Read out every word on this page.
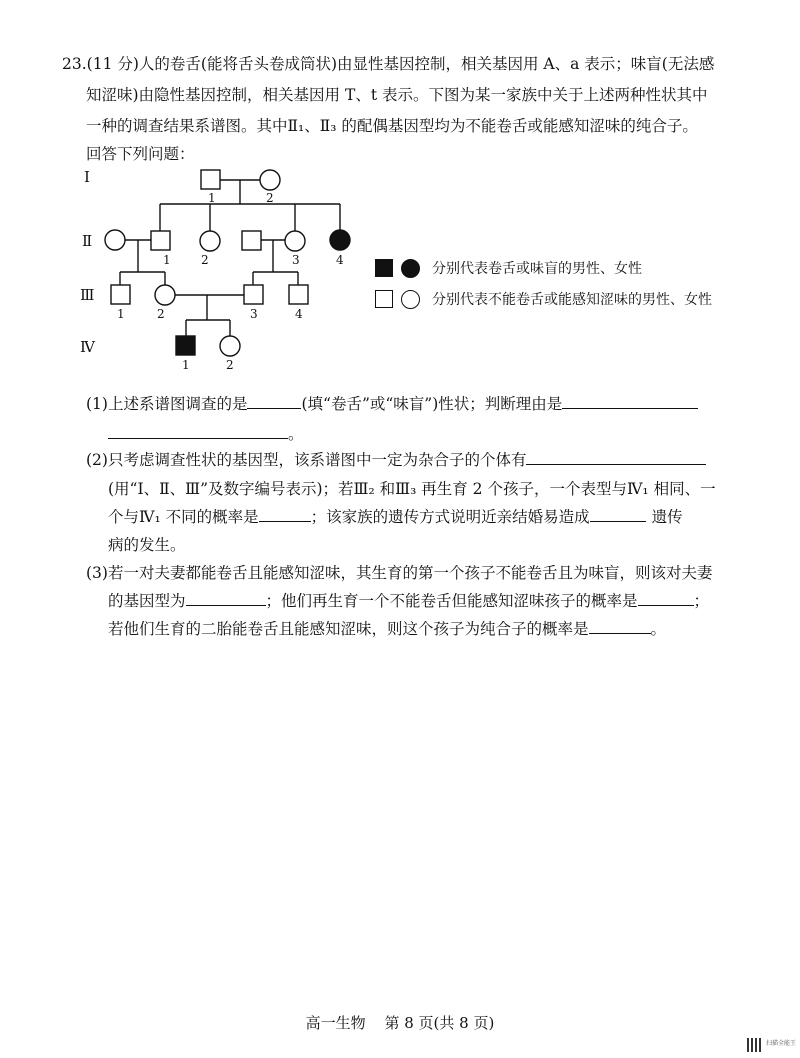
23.(11 分)人的卷舌(能将舌头卷成筒状)由显性基因控制，相关基因用 A、a 表示；味盲(无法感
知涩味)由隐性基因控制，相关基因用 T、t 表示。下图为某一家族中关于上述两种性状其中
一种的调查结果系谱图。其中Ⅱ₁、Ⅱ₃ 的配偶基因型均为不能卷舌或能感知涩味的纯合子。
回答下列问题：
Ⅰ
Ⅱ
Ⅲ
Ⅳ
1	2
1	2	3	4
1	2	3	4
1	2
分别代表卷舌或味盲的男性、女性
分别代表不能卷舌或能感知涩味的男性、女性
(1)上述系谱图调查的是	(填“卷舌”或“味盲”)性状；判断理由是
。
(2)只考虑调查性状的基因型，该系谱图中一定为杂合子的个体有
(用“Ⅰ、Ⅱ、Ⅲ”及数字编号表示)；若Ⅲ₂ 和Ⅲ₃ 再生育 2 个孩子，一个表型与Ⅳ₁ 相同、一
个与Ⅳ₁ 不同的概率是	；该家族的遗传方式说明近亲结婚易造成	遗传
病的发生。
(3)若一对夫妻都能卷舌且能感知涩味，其生育的第一个孩子不能卷舌且为味盲，则该对夫妻
的基因型为	；他们再生育一个不能卷舌但能感知涩味孩子的概率是	；
若他们生育的二胎能卷舌且能感知涩味，则这个孩子为纯合子的概率是	。
高一生物 第 8 页(共 8 页)
扫描全能王
